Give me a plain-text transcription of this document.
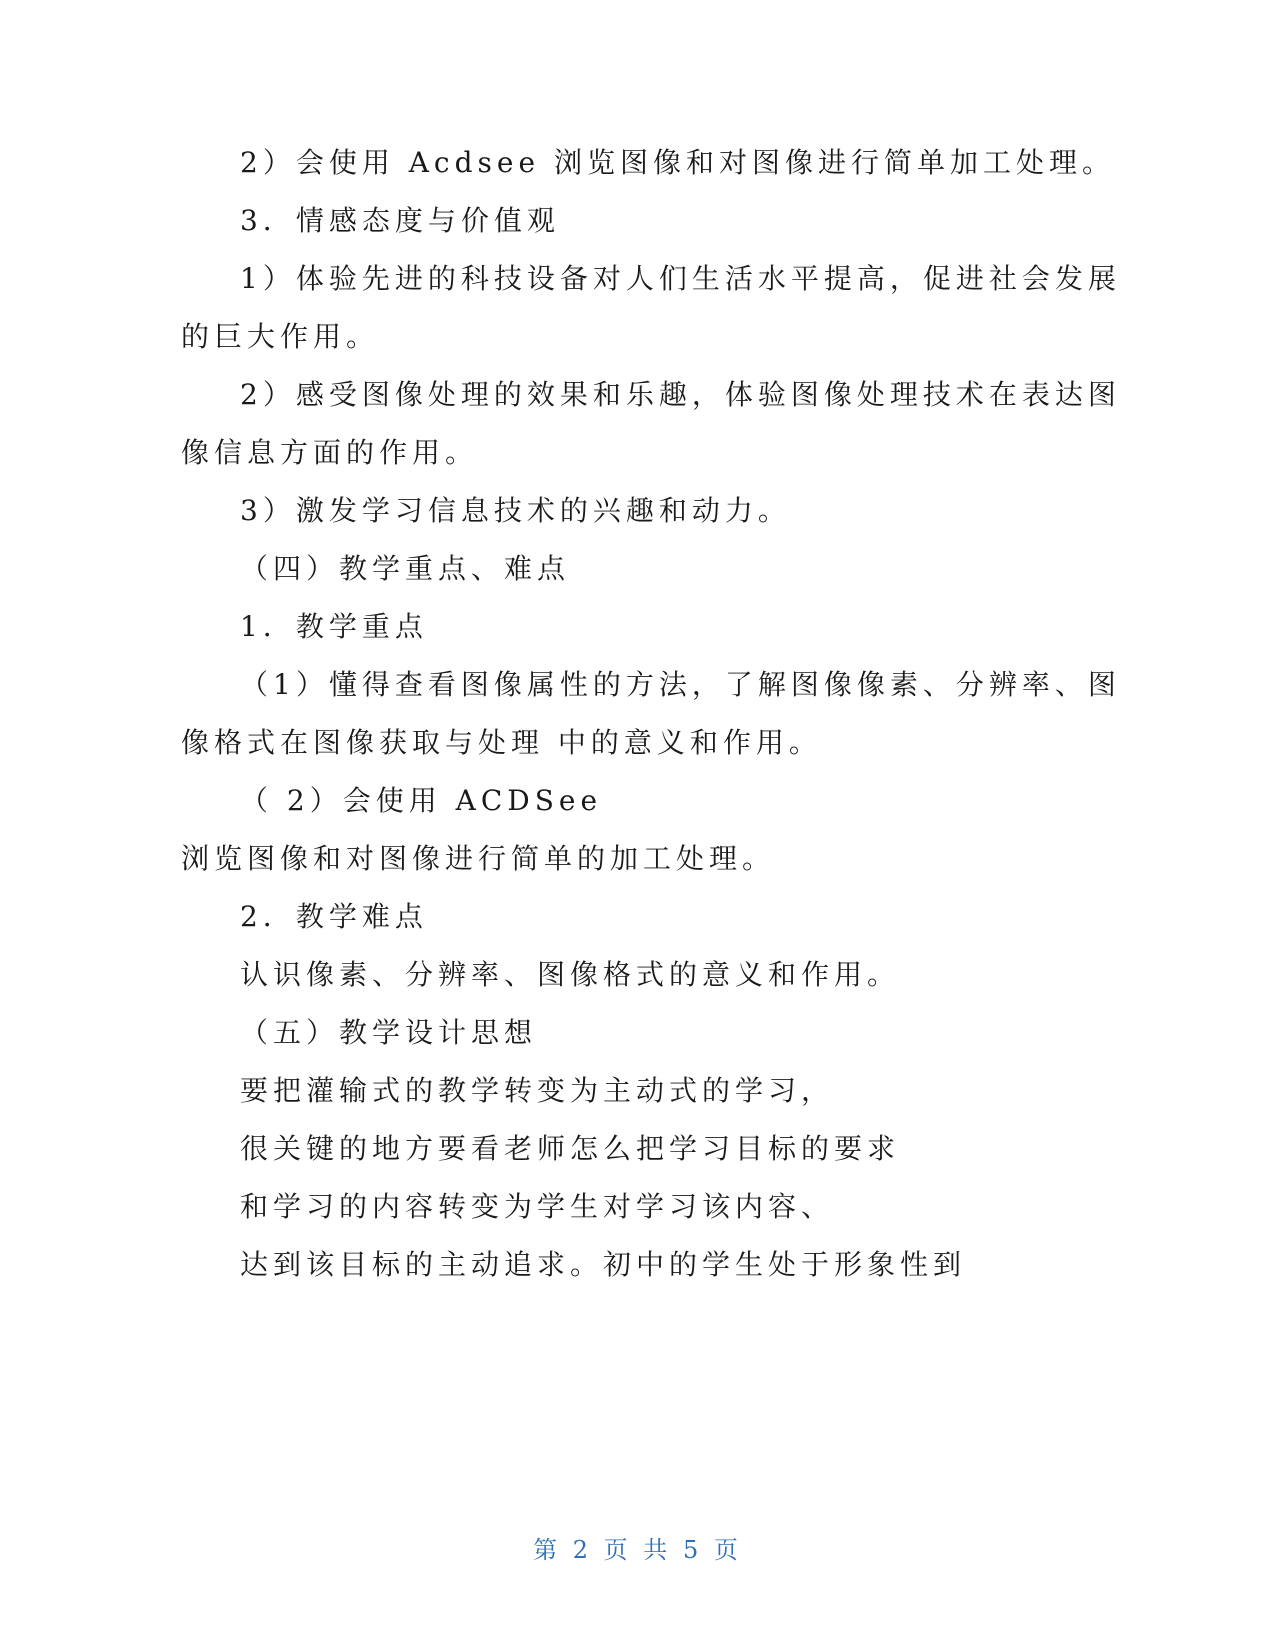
2）会使用 Acdsee 浏览图像和对图像进行简单加工处理。
3．情感态度与价值观
1）体验先进的科技设备对人们生活水平提高，促进社会发展
的巨大作用。
2）感受图像处理的效果和乐趣，体验图像处理技术在表达图
像信息方面的作用。
3）激发学习信息技术的兴趣和动力。
（四）教学重点、难点
1．教学重点
（1）懂得查看图像属性的方法，了解图像像素、分辨率、图
像格式在图像获取与处理 中的意义和作用。
（ 2）会使用 ACDSee
浏览图像和对图像进行简单的加工处理。
2．教学难点
认识像素、分辨率、图像格式的意义和作用。
（五）教学设计思想
要把灌输式的教学转变为主动式的学习，
很关键的地方要看老师怎么把学习目标的要求
和学习的内容转变为学生对学习该内容、
达到该目标的主动追求。初中的学生处于形象性到
第 2 页 共 5 页
